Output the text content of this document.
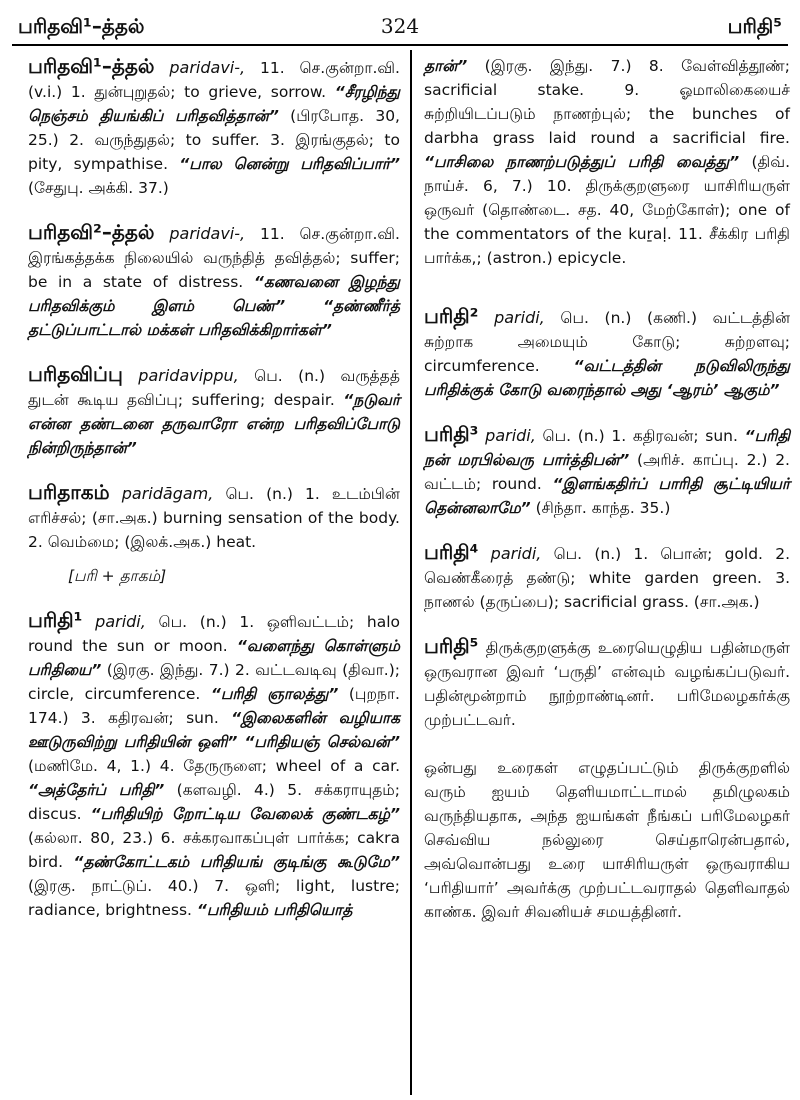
பரிதவி¹–த்தல்	324	பரிதி⁵
பரிதவி¹–த்தல் paridavi-, 11. செ.குன்றா.வி. (v.i.) 1. துன்புறுதல்; to grieve, sorrow. “சீரழிந்து நெஞ்சம் தியங்கிப் பரிதவித்தான்” (பிரபோத. 30, 25.) 2. வருந்துதல்; to suffer. 3. இரங்குதல்; to pity, sympathise. “பால னென்று பரிதவிப்பார்” (சேதுபு. அக்கி. 37.)
பரிதவி²–த்தல் paridavi-, 11. செ.குன்றா.வி. இரங்கத்தக்க நிலையில் வருந்தித் தவித்தல்; suffer; be in a state of distress. “கணவனை இழந்து பரிதவிக்கும் இளம் பெண்” “தண்ணீர்த் தட்டுப்பாட்டால் மக்கள் பரிதவிக்கிறார்கள்”
பரிதவிப்பு paridavippu, பெ. (n.) வருத்தத் துடன் கூடிய தவிப்பு; suffering; despair. “நடுவர் என்ன தண்டனை தருவாரோ என்ற பரிதவிப்போடு நின்றிருந்தான்”
பரிதாகம் paridāgam, பெ. (n.) 1. உடம்பின் எரிச்சல்; (சா.அக.) burning sensation of the body. 2. வெம்மை; (இலக்.அக.) heat.

[பரி + தாகம்]

பரிதி¹ paridi, பெ. (n.) 1. ஒளிவட்டம்; halo round the sun or moon. “வளைந்து கொள்ளும் பரிதியை” (இரகு. இந்து. 7.) 2. வட்டவடிவு (திவா.); circle, circumference. “பரிதி ஞாலத்து” (புறநா. 174.) 3. கதிரவன்; sun. “இலைகளின் வழியாக ஊடுருவிற்று பரிதியின் ஒளி” “பரிதியஞ் செல்வன்” (மணிமே. 4, 1.) 4. தேருருளை; wheel of a car. “அத்தேர்ப் பரிதி” (களவழி. 4.) 5. சக்கராயுதம்; discus. “பரிதியிற் றோட்டிய வேலைக் குண்டகழ்” (கல்லா. 80, 23.) 6. சக்கரவாகப்புள் பார்க்க; cakra bird. “தண்கோட்டகம் பரிதியங் குடிங்கு கூடுமே” (இரகு. நாட்டுப். 40.) 7. ஒளி; light, lustre; radiance, brightness. “பரிதியம் பரிதியொத்
தான்” (இரகு. இந்து. 7.) 8. வேள்வித்தூண்; sacrificial stake. 9. ஓமாலிகையைச் சுற்றியிடப்படும் நாணற்புல்; the bunches of darbha grass laid round a sacrificial fire. “பாசிலை நாணற்படுத்துப் பரிதி வைத்து” (திவ். நாய்ச். 6, 7.) 10. திருக்குறளுரை யாசிரியருள் ஒருவர் (தொண்டை. சத. 40, மேற்கோள்); one of the commentators of the kuṟaḷ. 11. சீக்கிர பரிதி பார்க்க,; (astron.) epicycle.
பரிதி² paridi, பெ. (n.) (கணி.) வட்டத்தின் சுற்றாக அமையும் கோடு; சுற்றளவு; circumference. “வட்டத்தின் நடுவிலிருந்து பரிதிக்குக் கோடு வரைந்தால் அது ‘ஆரம்’ ஆகும்”
பரிதி³ paridi, பெ. (n.) 1. கதிரவன்; sun. “பரிதி நன் மரபில்வரு பார்த்திபன்” (அரிச். காப்பு. 2.) 2. வட்டம்; round. “இளங்கதிர்ப் பாரிதி சூட்டியியர் தென்னலாமே” (சிந்தா. காந்த. 35.)
பரிதி⁴ paridi, பெ. (n.) 1. பொன்; gold. 2. வெண்கீரைத் தண்டு; white garden green. 3. நாணல் (தருப்பை); sacrificial grass. (சா.அக.)
பரிதி⁵ திருக்குறளுக்கு உரையெழுதிய பதின்மருள் ஒருவரான இவர் ‘பருதி’ என்வும் வழங்கப்படுவர். பதின்மூன்றாம் நூற்றாண்டினர். பரிமேலழகர்க்கு முற்பட்டவர்.

ஒன்பது உரைகள் எழுதப்பட்டும் திருக்குறளில் வரும் ஐயம் தெளியமாட்டாமல் தமிழுலகம் வருந்தியதாக, அந்த ஐயங்கள் நீங்கப் பரிமேலழகர் செவ்விய நல்லுரை செய்தாரென்பதால், அவ்வொன்பது உரை யாசிரியருள் ஒருவராகிய ‘பரிதியார்’ அவர்க்கு முற்பட்டவராதல் தெளிவாதல் காண்க. இவர் சிவனியச் சமயத்தினர்.
